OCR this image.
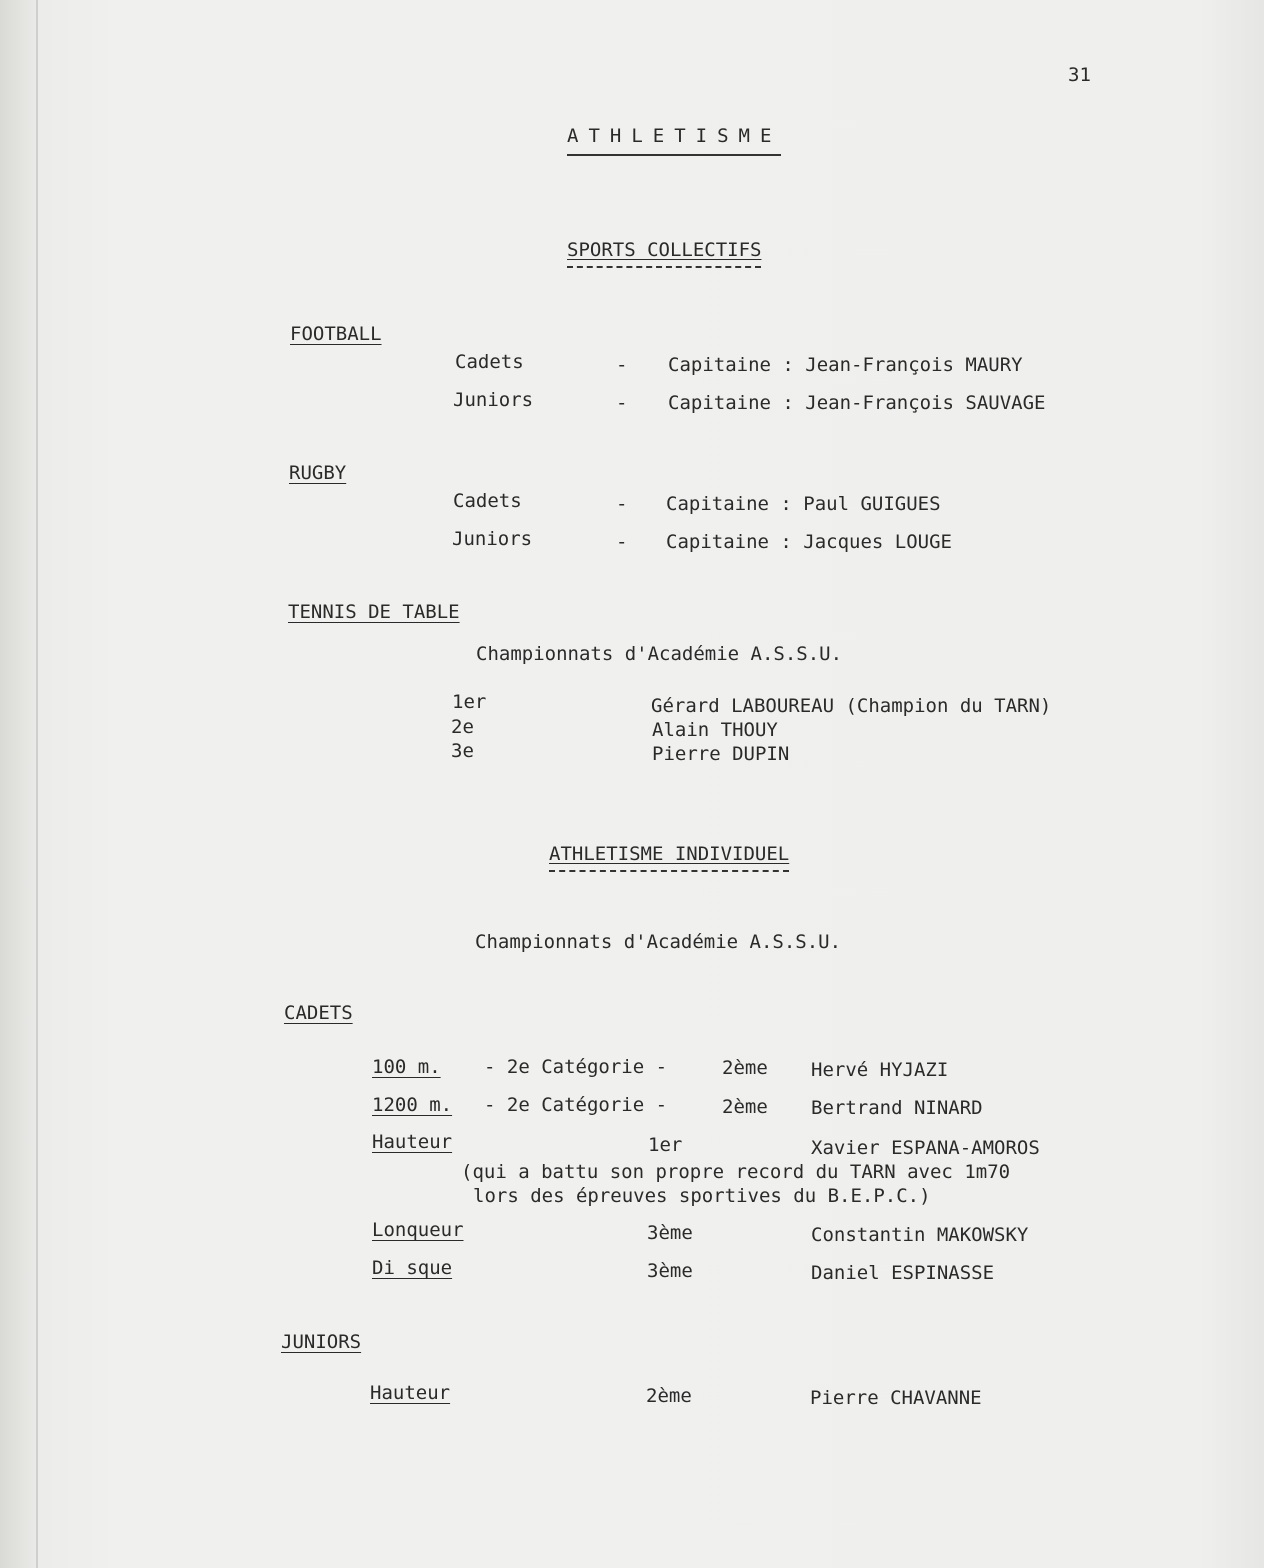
31
ATHLETISME
SPORTS COLLECTIFS
FOOTBALL
Cadets	- Capitaine : Jean-François MAURY
Juniors	- Capitaine : Jean-François SAUVAGE
RUGBY
Cadets	- Capitaine : Paul GUIGUES
Juniors	- Capitaine : Jacques LOUGE
TENNIS DE TABLE
Championnats d'Académie A.S.S.U.
1er	Gérard LABOUREAU (Champion du TARN)
2e	Alain THOUY
3e	Pierre DUPIN
ATHLETISME INDIVIDUEL
Championnats d'Académie A.S.S.U.
CADETS
100 m. - 2e Catégorie -	2ème Hervé HYJAZI
1200 m. - 2e Catégorie -	2ème Bertrand NINARD
Hauteur	1er	Xavier ESPANA-AMOROS
(qui a battu son propre record du TARN avec 1m70
lors des épreuves sportives du B.E.P.C.)
Lonqueur	3ème	Constantin MAKOWSKY
Di sque	3ème	Daniel ESPINASSE
JUNIORS
Hauteur	2ème	Pierre CHAVANNE
